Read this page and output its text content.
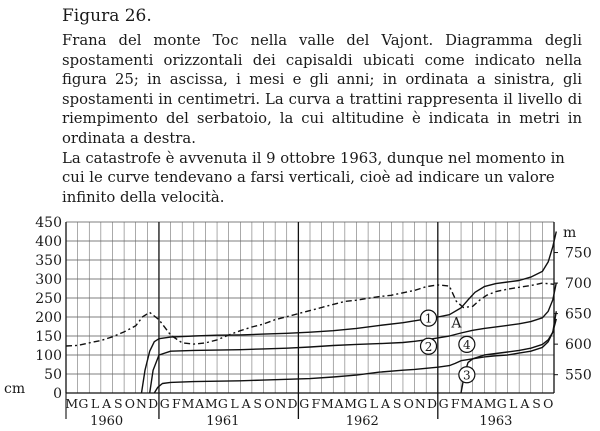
Figura 26.

Frana del monte Toc nella valle del Vajont. Diagramma degli spostamenti orizzontali dei capisaldi ubicati come indicato nella figura 25; in ascissa, i mesi e gli anni; in ordinata a sinistra, gli spostamenti in centimetri. La curva a trattini rappresenta il livello di riempimento del serbatoio, la cui altitudine è indicata in metri in ordinata a destra.

La catastrofe è avvenuta il 9 ottobre 1963, dunque nel momento in cui le curve tendevano a farsi verticali, cioè ad indicare un valore infinito della velocità.

1
2
3
4
A
0
50
100
150
200
250
300
350
400
450
cm
550
600
650
700
750
m
M G L A S O N D G F M A M G L A S O N D G F M A M G L A S O N D G F M A M G L A S O
1960	1961	1962	1963
